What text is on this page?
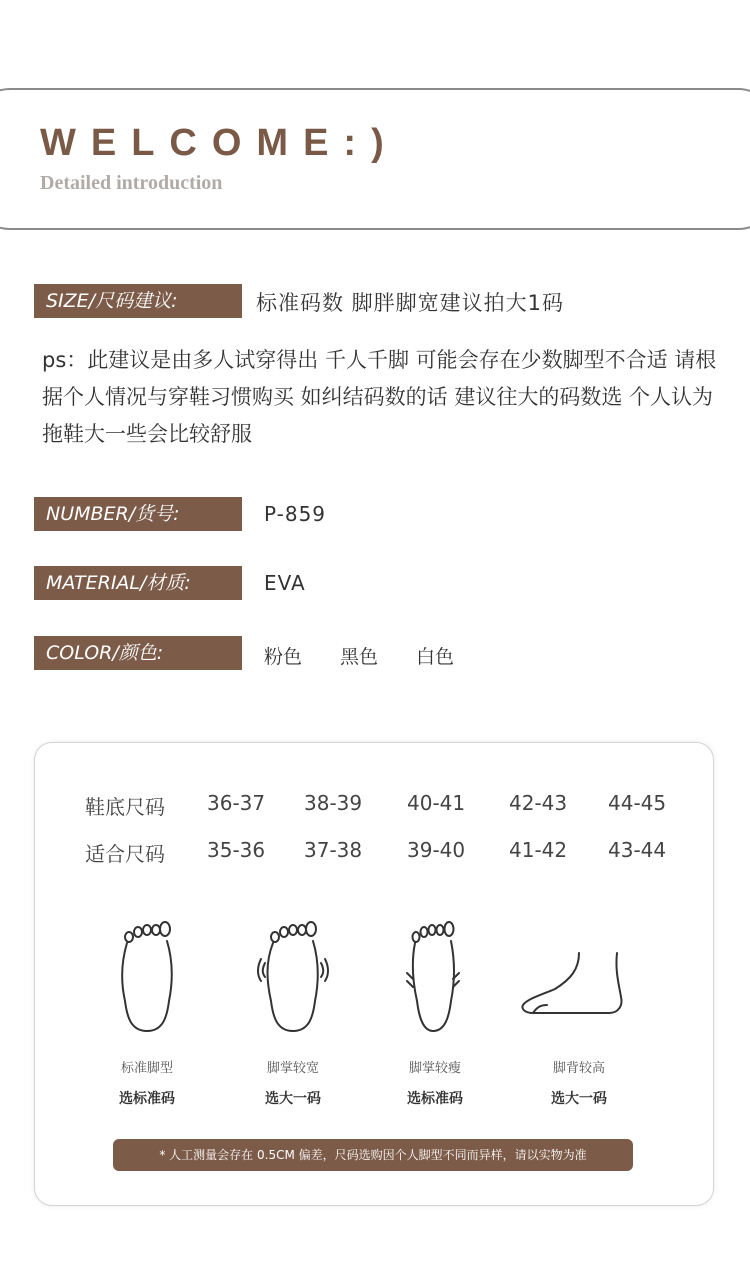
WELCOME:)
Detailed introduction
SIZE/尺码建议:	标准码数 脚胖脚宽建议拍大1码
ps：此建议是由多人试穿得出 千人千脚 可能会存在少数脚型不合适 请根据个人情况与穿鞋习惯购买 如纠结码数的话 建议往大的码数选 个人认为拖鞋大一些会比较舒服
NUMBER/货号:	P-859
MATERIAL/材质:	EVA
COLOR/颜色:	粉色 黑色 白色
鞋底尺码 36-37 38-39 40-41 42-43 44-45
适合尺码 35-36 37-38 39-40 41-42 43-44
标准脚型	脚掌较宽	脚掌较瘦	脚背较高
选标准码	选大一码	选标准码	选大一码
* 人工测量会存在 0.5CM 偏差，尺码选购因个人脚型不同而异样，请以实物为准
